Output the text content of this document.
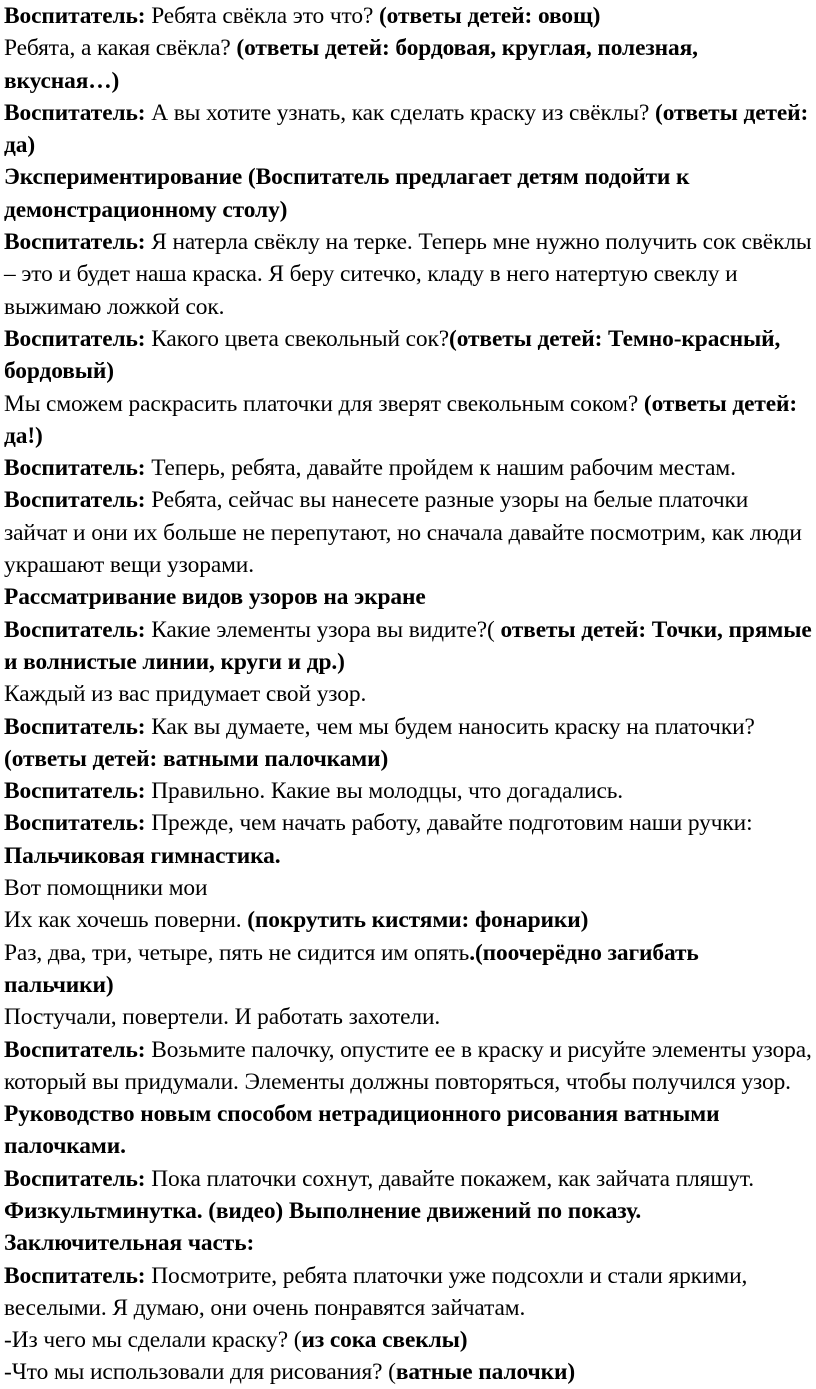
Воспитатель: Ребята свёкла это что? (ответы детей: овощ)

Ребята, а какая свёкла? (ответы детей: бордовая, круглая, полезная, вкусная…)

Воспитатель: А вы хотите узнать, как сделать краску из свёклы? (ответы детей: да)

Экспериментирование (Воспитатель предлагает детям подойти к демонстрационному столу)

Воспитатель: Я натерла свёклу на терке. Теперь мне нужно получить сок свёклы – это и будет наша краска. Я беру ситечко, кладу в него натертую свеклу и выжимаю ложкой сок.

Воспитатель: Какого цвета свекольный сок?(ответы детей: Темно-красный, бордовый)

Мы сможем раскрасить платочки для зверят свекольным соком? (ответы детей: да!)

Воспитатель: Теперь, ребята, давайте пройдем к нашим рабочим местам.

Воспитатель: Ребята, сейчас вы нанесете разные узоры на белые платочки зайчат и они их больше не перепутают, но сначала давайте посмотрим, как люди украшают вещи узорами.

Рассматривание видов узоров на экране

Воспитатель: Какие элементы узора вы видите?( ответы детей: Точки, прямые и волнистые линии, круги и др.)

Каждый из вас придумает свой узор.

Воспитатель: Как вы думаете, чем мы будем наносить краску на платочки? (ответы детей: ватными палочками)

Воспитатель: Правильно. Какие вы молодцы, что догадались.

Воспитатель: Прежде, чем начать работу, давайте подготовим наши ручки:

Пальчиковая гимнастика.

Вот помощники мои

Их как хочешь поверни. (покрутить кистями: фонарики)

Раз, два, три, четыре, пять не сидится им опять.(поочерёдно загибать пальчики)

Постучали, повертели. И работать захотели.

Воспитатель: Возьмите палочку, опустите ее в краску и рисуйте элементы узора, который вы придумали. Элементы должны повторяться, чтобы получился узор.

Руководство новым способом нетрадиционного рисования ватными палочками.

Воспитатель: Пока платочки сохнут, давайте покажем, как зайчата пляшут.

Физкультминутка. (видео) Выполнение движений по показу.

Заключительная часть:

Воспитатель: Посмотрите, ребята платочки уже подсохли и стали яркими, веселыми. Я думаю, они очень понравятся зайчатам.

-Из чего мы сделали краску? (из сока свеклы)

-Что мы использовали для рисования? (ватные палочки)
